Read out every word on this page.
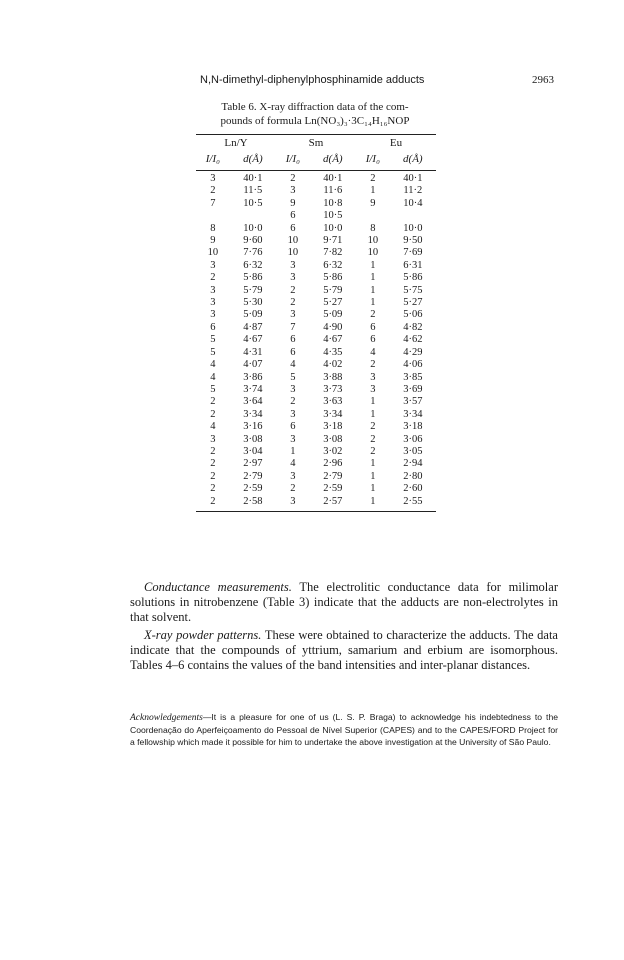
N,N-dimethyl-diphenylphosphinamide adducts	2963
Table 6. X-ray diffraction data of the com-
pounds of formula Ln(NO₃)₃·3C₁₄H₁₆NOP
Ln/Y		Sm		Eu	
I/I₀	d(Å)	I/I₀	d(Å)	I/I₀	d(Å)

3	40·1	2	40·1	2	40·1
2	11·5	3	11·6	1	11·2
7	10·5	9	10·8	9	10·4
		6	10·5		
8	10·0	6	10·0	8	10·0
9	9·60	10	9·71	10	9·50
10	7·76	10	7·82	10	7·69
3	6·32	3	6·32	1	6·31
2	5·86	3	5·86	1	5·86
3	5·79	2	5·79	1	5·75
3	5·30	2	5·27	1	5·27
3	5·09	3	5·09	2	5·06
6	4·87	7	4·90	6	4·82
5	4·67	6	4·67	6	4·62
5	4·31	6	4·35	4	4·29
4	4·07	4	4·02	2	4·06
4	3·86	5	3·88	3	3·85
5	3·74	3	3·73	3	3·69
2	3·64	2	3·63	1	3·57
2	3·34	3	3·34	1	3·34
4	3·16	6	3·18	2	3·18
3	3·08	3	3·08	2	3·06
2	3·04	1	3·02	2	3·05
2	2·97	4	2·96	1	2·94
2	2·79	3	2·79	1	2·80
2	2·59	2	2·59	1	2·60
2	2·58	3	2·57	1	2·55
Conductance measurements. The electrolitic conductance data for milimolar solutions in nitrobenzene (Table 3) indicate that the adducts are non-electrolytes in that solvent.
X-ray powder patterns. These were obtained to characterize the adducts. The data indicate that the compounds of yttrium, samarium and erbium are isomorphous. Tables 4–6 contains the values of the band intensities and inter-planar distances.
Acknowledgements—It is a pleasure for one of us (L. S. P. Braga) to acknowledge his indebtedness to the Coordenação do Aperfeiçoamento do Pessoal de Nível Superior (CAPES) and to the CAPES/FORD Project for a fellowship which made it possible for him to undertake the above investigation at the University of São Paulo.
